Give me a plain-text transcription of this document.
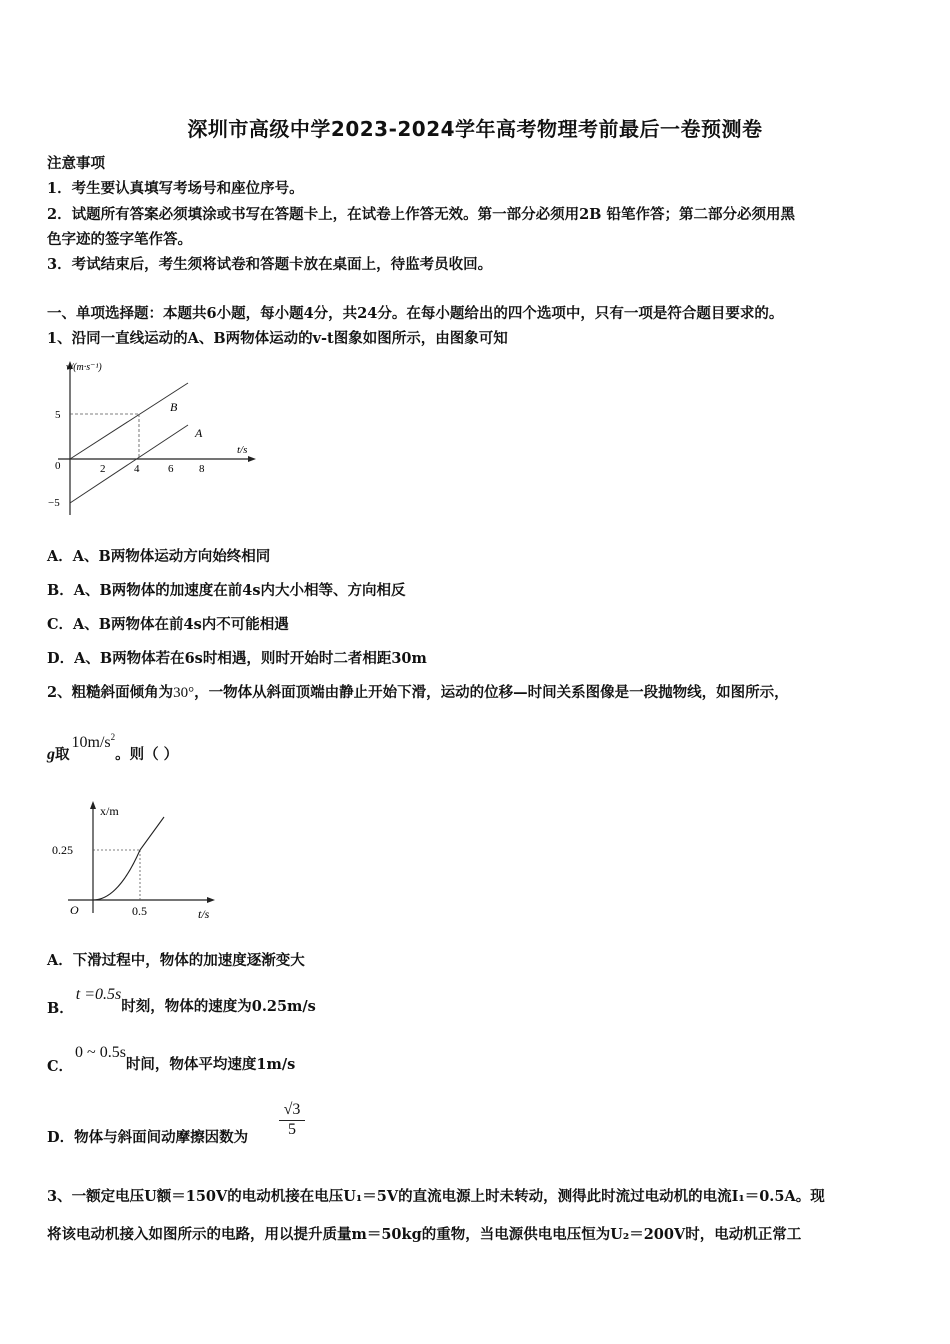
深圳市高级中学2023-2024学年高考物理考前最后一卷预测卷
注意事项
1．考生要认真填写考场号和座位序号。
2．试题所有答案必须填涂或书写在答题卡上，在试卷上作答无效。第一部分必须用2B 铅笔作答；第二部分必须用黑
色字迹的签字笔作答。
3．考试结束后，考生须将试卷和答题卡放在桌面上，待监考员收回。
一、单项选择题：本题共6小题，每小题4分，共24分。在每小题给出的四个选项中，只有一项是符合题目要求的。
1、沿同一直线运动的A、B两物体运动的v-t图象如图所示，由图象可知
v/(m·s⁻¹)
t/s
5
0
−5
2	4	6 8
B
A
A．A、B两物体运动方向始终相同
B．A、B两物体的加速度在前4s内大小相等、方向相反
C．A、B两物体在前4s内不可能相遇
D．A、B两物体若在6s时相遇，则时开始时二者相距30m
2、粗糙斜面倾角为30°，一物体从斜面顶端由静止开始下滑，运动的位移—时间关系图像是一段抛物线，如图所示，
g取$10m/s^2$。则（ ）
x/m
t/s
0.25
0.5
O
A．下滑过程中，物体的加速度逐渐变大
B．t =0.5s时刻，物体的速度为0.25m/s
C．0 ~ 0.5s时间，物体平均速度1m/s
D．物体与斜面间动摩擦因数为 $\frac{√3}{5}$
3、一额定电压U额＝150V的电动机接在电压U₁＝5V的直流电源上时未转动，测得此时流过电动机的电流I₁＝0.5A。现
将该电动机接入如图所示的电路，用以提升质量m＝50kg的重物，当电源供电电压恒为U₂＝200V时，电动机正常工
